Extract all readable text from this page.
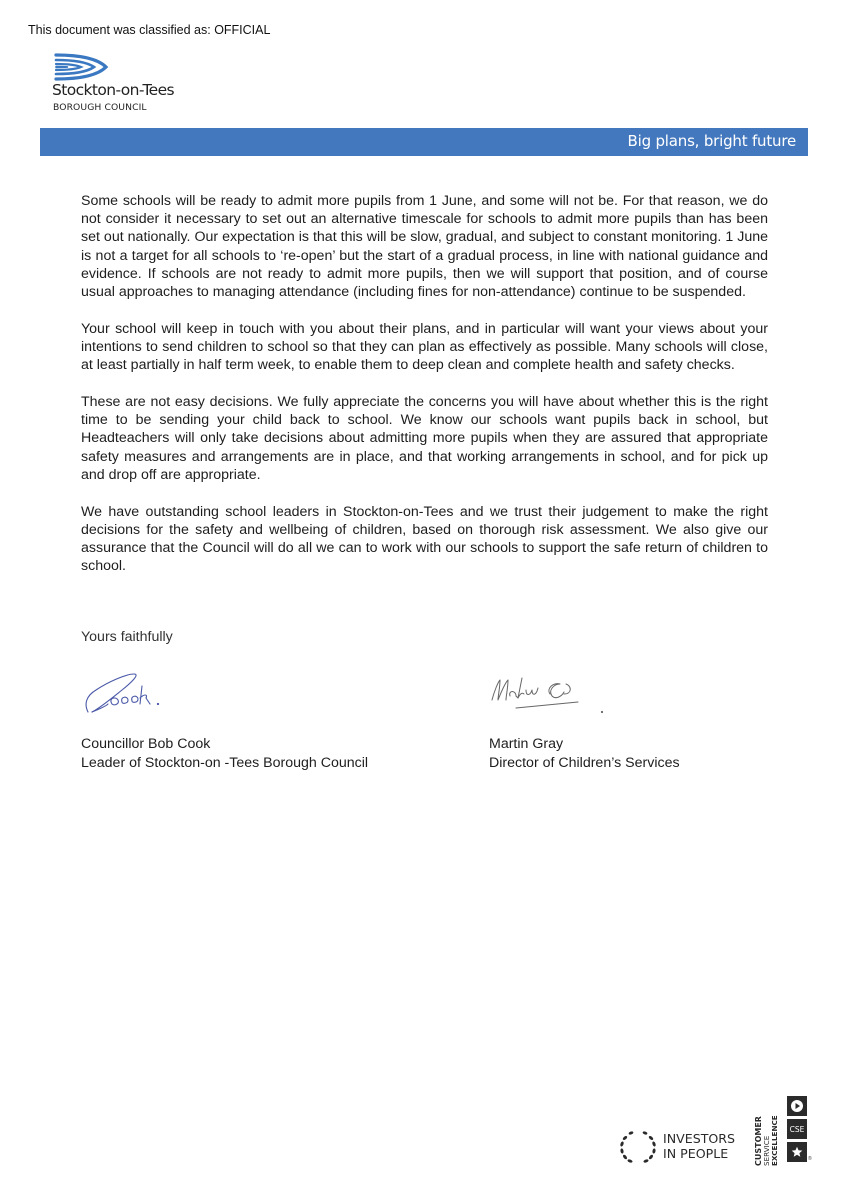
This document was classified as: OFFICIAL
Stockton-on-Tees
BOROUGH COUNCIL
Big plans, bright future

Some schools will be ready to admit more pupils from 1 June, and some will not be. For that reason, we do not consider it necessary to set out an alternative timescale for schools to admit more pupils than has been set out nationally. Our expectation is that this will be slow, gradual, and subject to constant monitoring. 1 June is not a target for all schools to ‘re-open’ but the start of a gradual process, in line with national guidance and evidence. If schools are not ready to admit more pupils, then we will support that position, and of course usual approaches to managing attendance (including fines for non-attendance) continue to be suspended.

Your school will keep in touch with you about their plans, and in particular will want your views about your intentions to send children to school so that they can plan as effectively as possible. Many schools will close, at least partially in half term week, to enable them to deep clean and complete health and safety checks.

These are not easy decisions. We fully appreciate the concerns you will have about whether this is the right time to be sending your child back to school. We know our schools want pupils back in school, but Headteachers will only take decisions about admitting more pupils when they are assured that appropriate safety measures and arrangements are in place, and that working arrangements in school, and for pick up and drop off are appropriate.

We have outstanding school leaders in Stockton-on-Tees and we trust their judgement to make the right decisions for the safety and wellbeing of children, based on thorough risk assessment. We also give our assurance that the Council will do all we can to work with our schools to support the safe return of children to school.

Yours faithfully
Councillor Bob Cook
Leader of Stockton-on -Tees Borough Council
Martin Gray
Director of Children’s Services
INVESTORS
IN PEOPLE	CUSTOMER SERVICE EXCELLENCE	CSE
®
